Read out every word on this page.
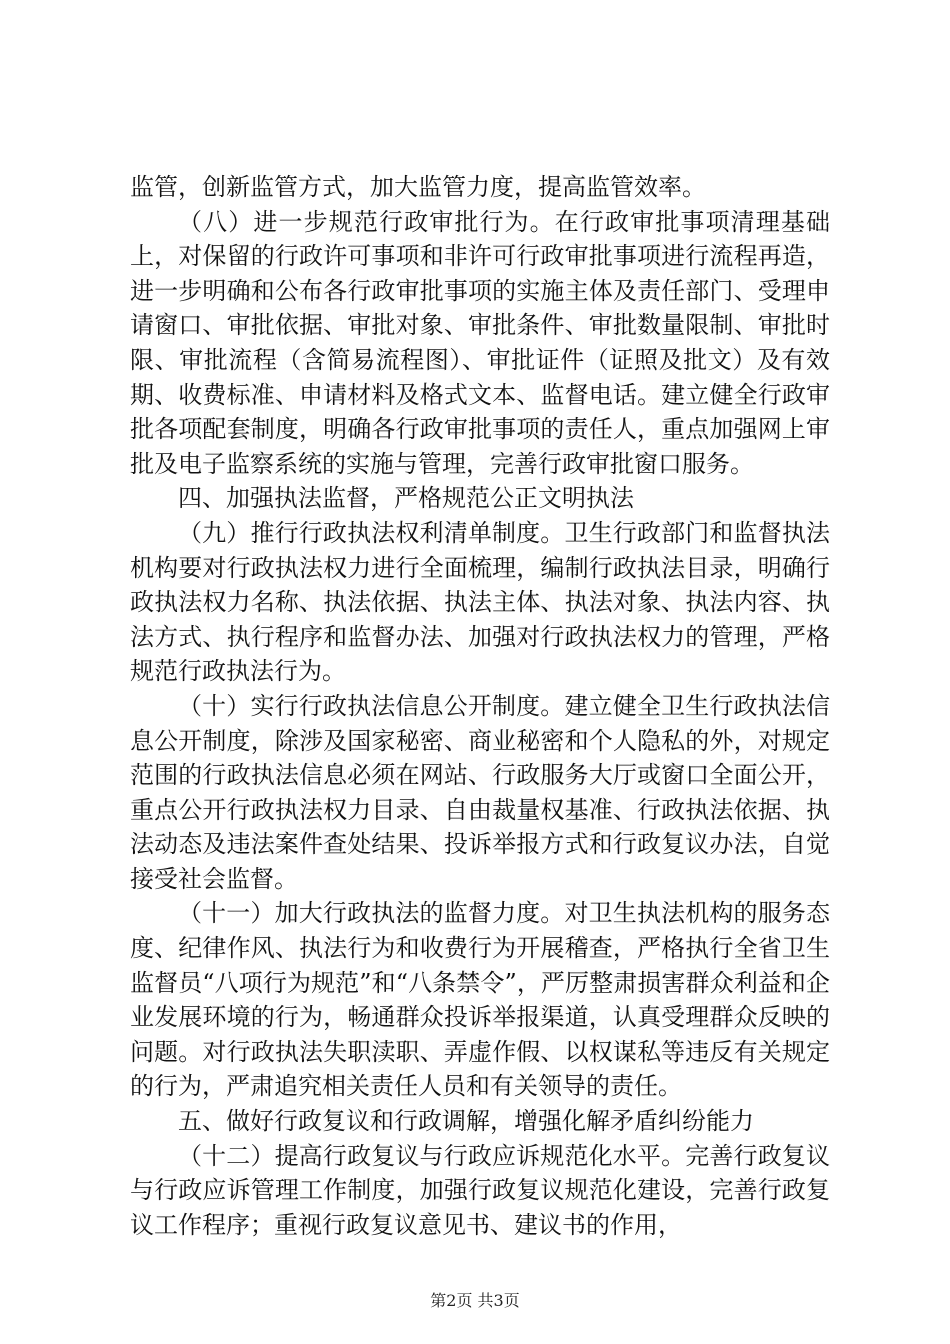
监管，创新监管方式，加大监管力度，提高监管效率。

（八）进一步规范行政审批行为。在行政审批事项清理基础上，对保留的行政许可事项和非许可行政审批事项进行流程再造，进一步明确和公布各行政审批事项的实施主体及责任部门、受理申请窗口、审批依据、审批对象、审批条件、审批数量限制、审批时限、审批流程（含简易流程图）、审批证件（证照及批文）及有效期、收费标准、申请材料及格式文本、监督电话。建立健全行政审批各项配套制度，明确各行政审批事项的责任人，重点加强网上审批及电子监察系统的实施与管理，完善行政审批窗口服务。

四、加强执法监督，严格规范公正文明执法

（九）推行行政执法权利清单制度。卫生行政部门和监督执法机构要对行政执法权力进行全面梳理，编制行政执法目录，明确行政执法权力名称、执法依据、执法主体、执法对象、执法内容、执法方式、执行程序和监督办法、加强对行政执法权力的管理，严格规范行政执法行为。

（十）实行行政执法信息公开制度。建立健全卫生行政执法信息公开制度，除涉及国家秘密、商业秘密和个人隐私的外，对规定范围的行政执法信息必须在网站、行政服务大厅或窗口全面公开，重点公开行政执法权力目录、自由裁量权基准、行政执法依据、执法动态及违法案件查处结果、投诉举报方式和行政复议办法，自觉接受社会监督。

（十一）加大行政执法的监督力度。对卫生执法机构的服务态度、纪律作风、执法行为和收费行为开展稽查，严格执行全省卫生监督员“八项行为规范”和“八条禁令”，严厉整肃损害群众利益和企业发展环境的行为，畅通群众投诉举报渠道，认真受理群众反映的问题。对行政执法失职渎职、弄虚作假、以权谋私等违反有关规定的行为，严肃追究相关责任人员和有关领导的责任。

五、做好行政复议和行政调解，增强化解矛盾纠纷能力

（十二）提高行政复议与行政应诉规范化水平。完善行政复议与行政应诉管理工作制度，加强行政复议规范化建设，完善行政复议工作程序；重视行政复议意见书、建议书的作用，

第2页 共3页
